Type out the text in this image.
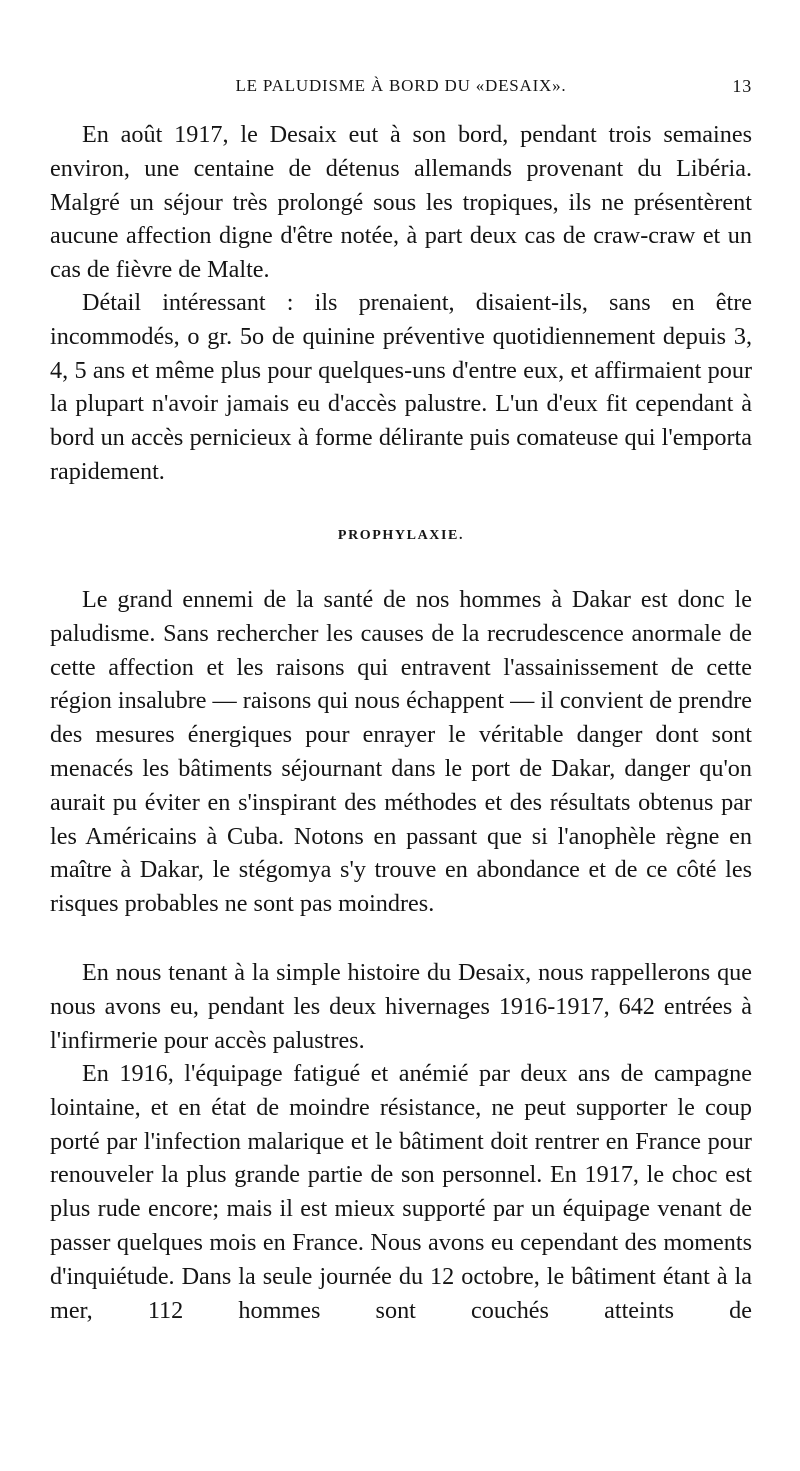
LE PALUDISME À BORD DU «DESAIX».	13

En août 1917, le Desaix eut à son bord, pendant trois semaines environ, une centaine de détenus allemands provenant du Libéria. Malgré un séjour très prolongé sous les tropiques, ils ne présentèrent aucune affection digne d'être notée, à part deux cas de craw-craw et un cas de fièvre de Malte.

Détail intéressant : ils prenaient, disaient-ils, sans en être incommodés, o gr. 5o de quinine préventive quotidiennement depuis 3, 4, 5 ans et même plus pour quelques-uns d'entre eux, et affirmaient pour la plupart n'avoir jamais eu d'accès palustre. L'un d'eux fit cependant à bord un accès pernicieux à forme délirante puis comateuse qui l'emporta rapidement.

PROPHYLAXIE.

Le grand ennemi de la santé de nos hommes à Dakar est donc le paludisme. Sans rechercher les causes de la recrudescence anormale de cette affection et les raisons qui entravent l'assainissement de cette région insalubre — raisons qui nous échappent — il convient de prendre des mesures énergiques pour enrayer le véritable danger dont sont menacés les bâtiments séjournant dans le port de Dakar, danger qu'on aurait pu éviter en s'inspirant des méthodes et des résultats obtenus par les Américains à Cuba. Notons en passant que si l'anophèle règne en maître à Dakar, le stégomya s'y trouve en abondance et de ce côté les risques probables ne sont pas moindres.

En nous tenant à la simple histoire du Desaix, nous rappellerons que nous avons eu, pendant les deux hivernages 1916-1917, 642 entrées à l'infirmerie pour accès palustres.

En 1916, l'équipage fatigué et anémié par deux ans de campagne lointaine, et en état de moindre résistance, ne peut supporter le coup porté par l'infection malarique et le bâtiment doit rentrer en France pour renouveler la plus grande partie de son personnel. En 1917, le choc est plus rude encore; mais il est mieux supporté par un équipage venant de passer quelques mois en France. Nous avons eu cependant des moments d'inquiétude. Dans la seule journée du 12 octobre, le bâtiment étant à la mer, 112 hommes sont couchés atteints de
